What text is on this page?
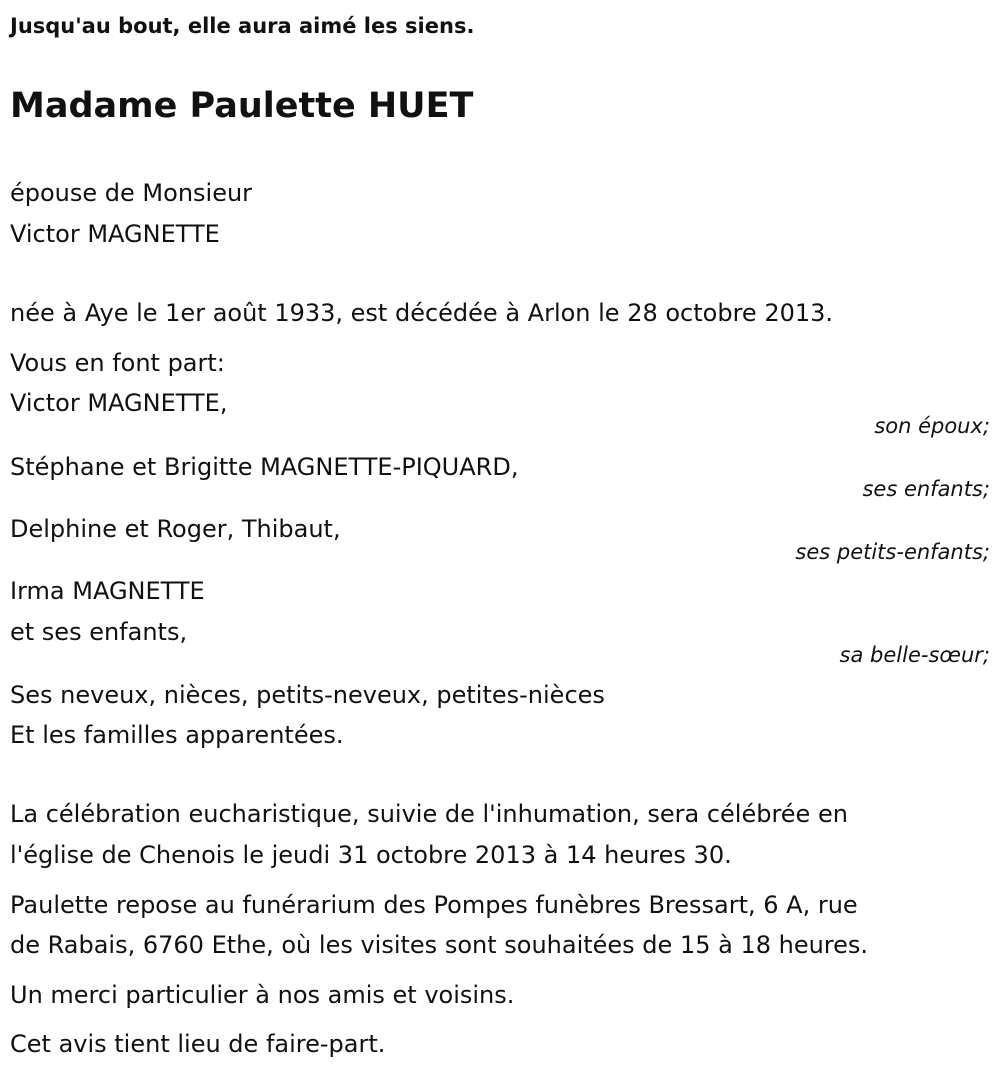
Jusqu'au bout, elle aura aimé les siens.
Madame Paulette HUET
épouse de Monsieur
Victor MAGNETTE
née à Aye le 1er août 1933, est décédée à Arlon le 28 octobre 2013.
Vous en font part:
Victor MAGNETTE,
son époux;
Stéphane et Brigitte MAGNETTE-PIQUARD,
ses enfants;
Delphine et Roger, Thibaut,
ses petits-enfants;
Irma MAGNETTE
et ses enfants,
sa belle-sœur;
Ses neveux, nièces, petits-neveux, petites-nièces
Et les familles apparentées.
La célébration eucharistique, suivie de l'inhumation, sera célébrée en
l'église de Chenois le jeudi 31 octobre 2013 à 14 heures 30.
Paulette repose au funérarium des Pompes funèbres Bressart, 6 A, rue
de Rabais, 6760 Ethe, où les visites sont souhaitées de 15 à 18 heures.
Un merci particulier à nos amis et voisins.
Cet avis tient lieu de faire-part.
